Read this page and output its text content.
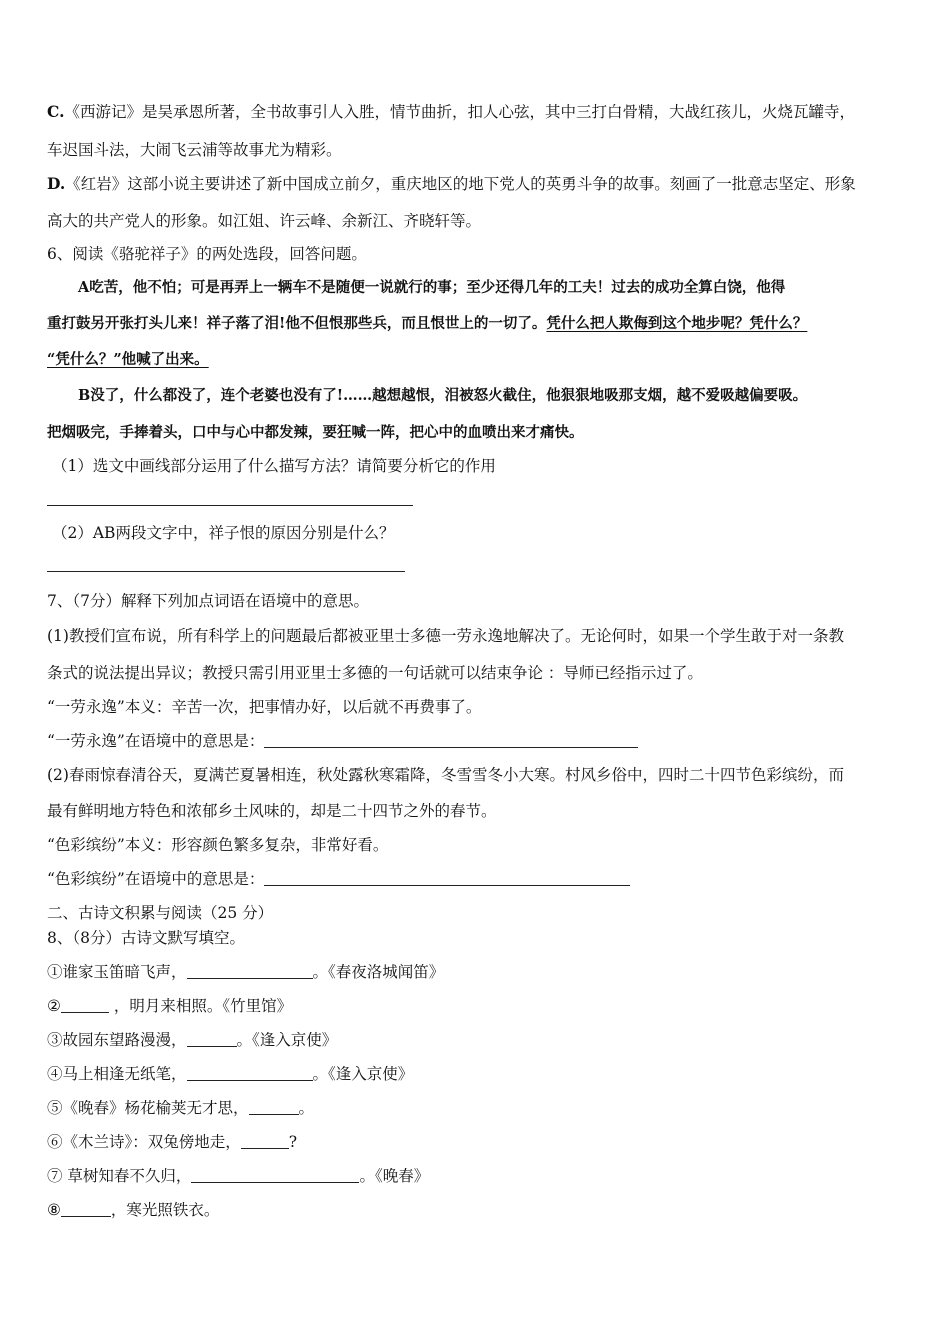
C.《西游记》是吴承恩所著，全书故事引人入胜，情节曲折，扣人心弦，其中三打白骨精，大战红孩儿，火烧瓦罐寺，
车迟国斗法，大闹飞云浦等故事尤为精彩。
D.《红岩》这部小说主要讲述了新中国成立前夕，重庆地区的地下党人的英勇斗争的故事。刻画了一批意志坚定、形象
高大的共产党人的形象。如江姐、许云峰、余新江、齐晓轩等。
6、阅读《骆驼祥子》的两处选段，回答问题。
A吃苦，他不怕；可是再弄上一辆车不是随便一说就行的事；至少还得几年的工夫！过去的成功全算白饶，他得
重打鼓另开张打头儿来！祥子落了泪!他不但恨那些兵，而且恨世上的一切了。凭什么把人欺侮到这个地步呢？凭什么？
“凭什么？”他喊了出来。
B没了，什么都没了，连个老婆也没有了!……越想越恨，泪被怒火截住，他狠狠地吸那支烟，越不爱吸越偏要吸。
把烟吸完，手捧着头，口中与心中都发辣，要狂喊一阵，把心中的血喷出来才痛快。
（1）选文中画线部分运用了什么描写方法？请简要分析它的作用
（2）AB两段文字中，祥子恨的原因分别是什么？
7、（7分）解释下列加点词语在语境中的意思。
(1)教授们宣布说，所有科学上的问题最后都被亚里士多德一劳永逸地解决了。无论何时，如果一个学生敢于对一条教
条式的说法提出异议；教授只需引用亚里士多德的一句话就可以结束争论 ：导师已经指示过了。
“一劳永逸”本义：辛苦一次，把事情办好，以后就不再费事了。
“一劳永逸”在语境中的意思是：
(2)春雨惊春清谷天，夏满芒夏暑相连，秋处露秋寒霜降，冬雪雪冬小大寒。村风乡俗中，四时二十四节色彩缤纷，而
最有鲜明地方特色和浓郁乡土风味的，却是二十四节之外的春节。
“色彩缤纷”本义：形容颜色繁多复杂，非常好看。
“色彩缤纷”在语境中的意思是：
二、古诗文积累与阅读（25 分）
8、（8分）古诗文默写填空。
①谁家玉笛暗飞声，	。《春夜洛城闻笛》
②	，明月来相照。《竹里馆》
③故园东望路漫漫，	。《逢入京使》
④马上相逢无纸笔，	。《逢入京使》
⑤《晚春》杨花榆荚无才思，	。
⑥《木兰诗》：双兔傍地走，	?
⑦ 草树知春不久归，	。《晚春》
⑧	，寒光照铁衣。
